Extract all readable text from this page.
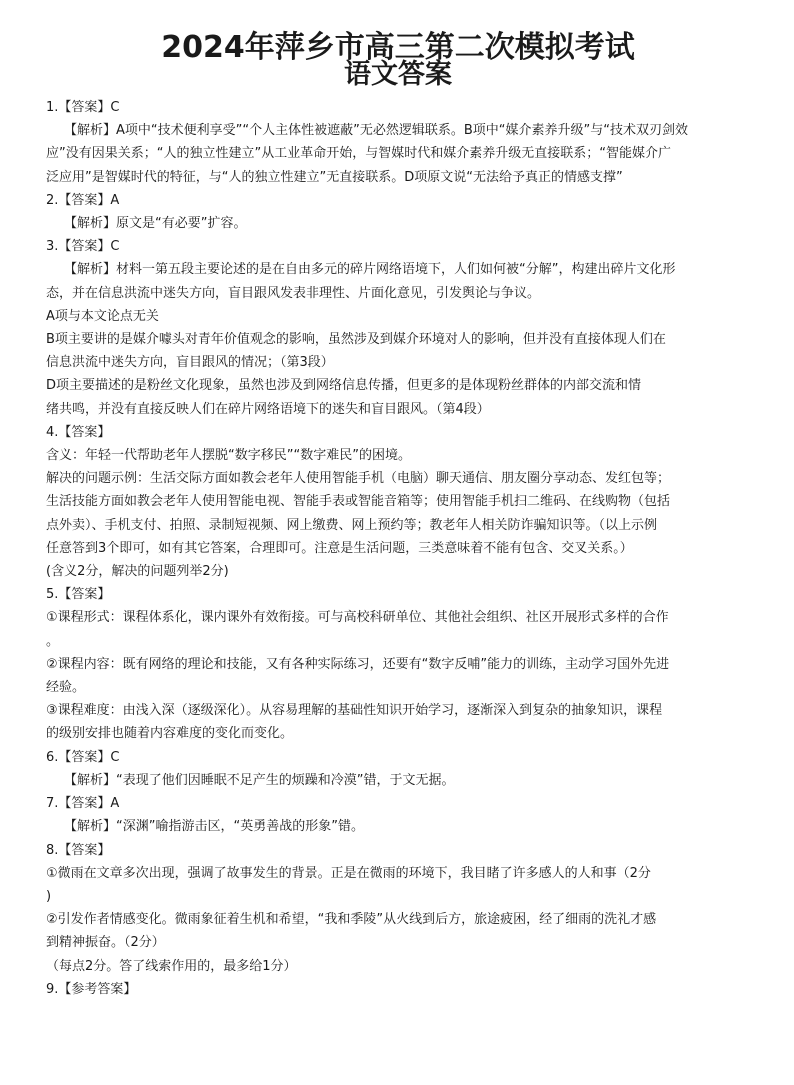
2024年萍乡市高三第二次模拟考试
语文答案
1.【答案】C
【解析】A项中“技术便利享受”“个人主体性被遮蔽”无必然逻辑联系。B项中“媒介素养升级”与“技术双刃剑效
应”没有因果关系；“人的独立性建立”从工业革命开始，与智媒时代和媒介素养升级无直接联系；“智能媒介广
泛应用”是智媒时代的特征，与“人的独立性建立”无直接联系。D项原文说“无法给予真正的情感支撑”
2.【答案】A
【解析】原文是“有必要”扩容。
3.【答案】C
【解析】材料一第五段主要论述的是在自由多元的碎片网络语境下，人们如何被“分解”，构建出碎片文化形
态，并在信息洪流中迷失方向，盲目跟风发表非理性、片面化意见，引发舆论与争议。
A项与本文论点无关
B项主要讲的是媒介噱头对青年价值观念的影响，虽然涉及到媒介环境对人的影响，但并没有直接体现人们在
信息洪流中迷失方向，盲目跟风的情况；（第3段）
D项主要描述的是粉丝文化现象，虽然也涉及到网络信息传播，但更多的是体现粉丝群体的内部交流和情
绪共鸣，并没有直接反映人们在碎片网络语境下的迷失和盲目跟风。（第4段）
4.【答案】
含义：年轻一代帮助老年人摆脱“数字移民”“数字难民”的困境。
解决的问题示例：生活交际方面如教会老年人使用智能手机（电脑）聊天通信、朋友圈分享动态、发红包等；
生活技能方面如教会老年人使用智能电视、智能手表或智能音箱等；使用智能手机扫二维码、在线购物（包括
点外卖）、手机支付、拍照、录制短视频、网上缴费、网上预约等；教老年人相关防诈骗知识等。（以上示例
任意答到3个即可，如有其它答案，合理即可。注意是生活问题，三类意味着不能有包含、交叉关系。）
(含义2分，解决的问题列举2分)
5.【答案】
①课程形式：课程体系化，课内课外有效衔接。可与高校科研单位、其他社会组织、社区开展形式多样的合作
。
②课程内容：既有网络的理论和技能，又有各种实际练习，还要有“数字反哺”能力的训练，主动学习国外先进
经验。
③课程难度：由浅入深（逐级深化）。从容易理解的基础性知识开始学习，逐渐深入到复杂的抽象知识，课程
的级别安排也随着内容难度的变化而变化。
6.【答案】C
【解析】“表现了他们因睡眠不足产生的烦躁和冷漠”错，于文无据。
7.【答案】A
【解析】“深渊”喻指游击区，“英勇善战的形象”错。
8.【答案】
①微雨在文章多次出现，强调了故事发生的背景。正是在微雨的环境下，我目睹了许多感人的人和事（2分
)
②引发作者情感变化。微雨象征着生机和希望，“我和季陵”从火线到后方，旅途疲困，经了细雨的洗礼才感
到精神振奋。（2分）
（每点2分。答了线索作用的，最多给1分）
9.【参考答案】
